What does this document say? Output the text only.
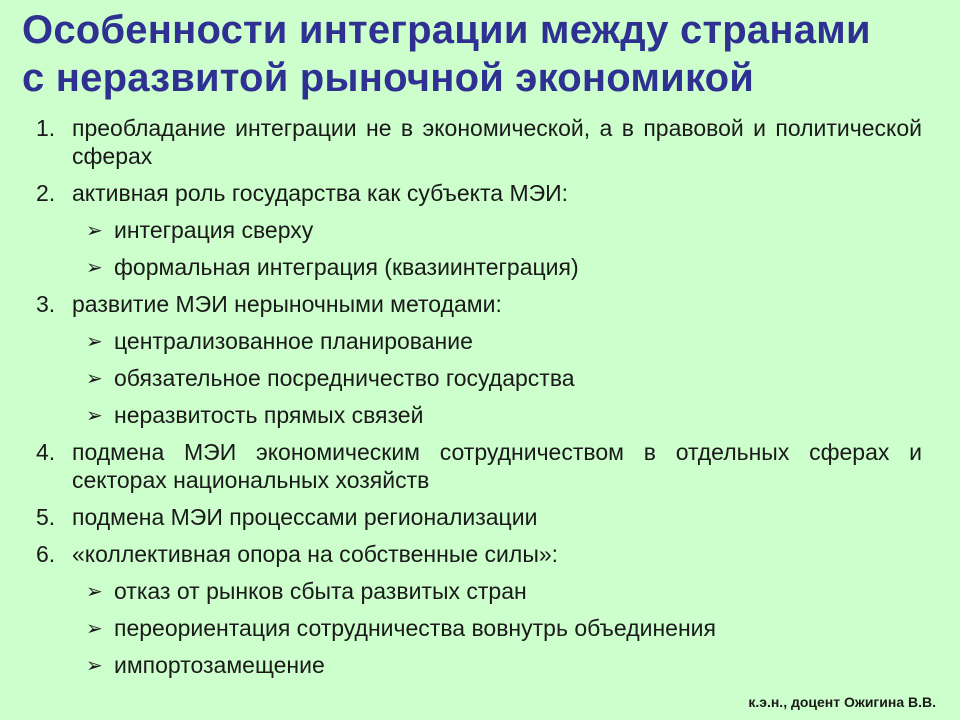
Особенности интеграции между странами
с неразвитой рыночной экономикой
1. преобладание интеграции не в экономической, а в правовой и политической сферах
2. активная роль государства как субъекта МЭИ:
➢ интеграция сверху
➢ формальная интеграция (квазиинтеграция)
3. развитие МЭИ нерыночными методами:
➢ централизованное планирование
➢ обязательное посредничество государства
➢ неразвитость прямых связей
4. подмена МЭИ экономическим сотрудничеством в отдельных сферах и секторах национальных хозяйств
5. подмена МЭИ процессами регионализации
6. «коллективная опора на собственные силы»:
➢ отказ от рынков сбыта развитых стран
➢ переориентация сотрудничества вовнутрь объединения
➢ импортозамещение
к.э.н., доцент Ожигина В.В.
